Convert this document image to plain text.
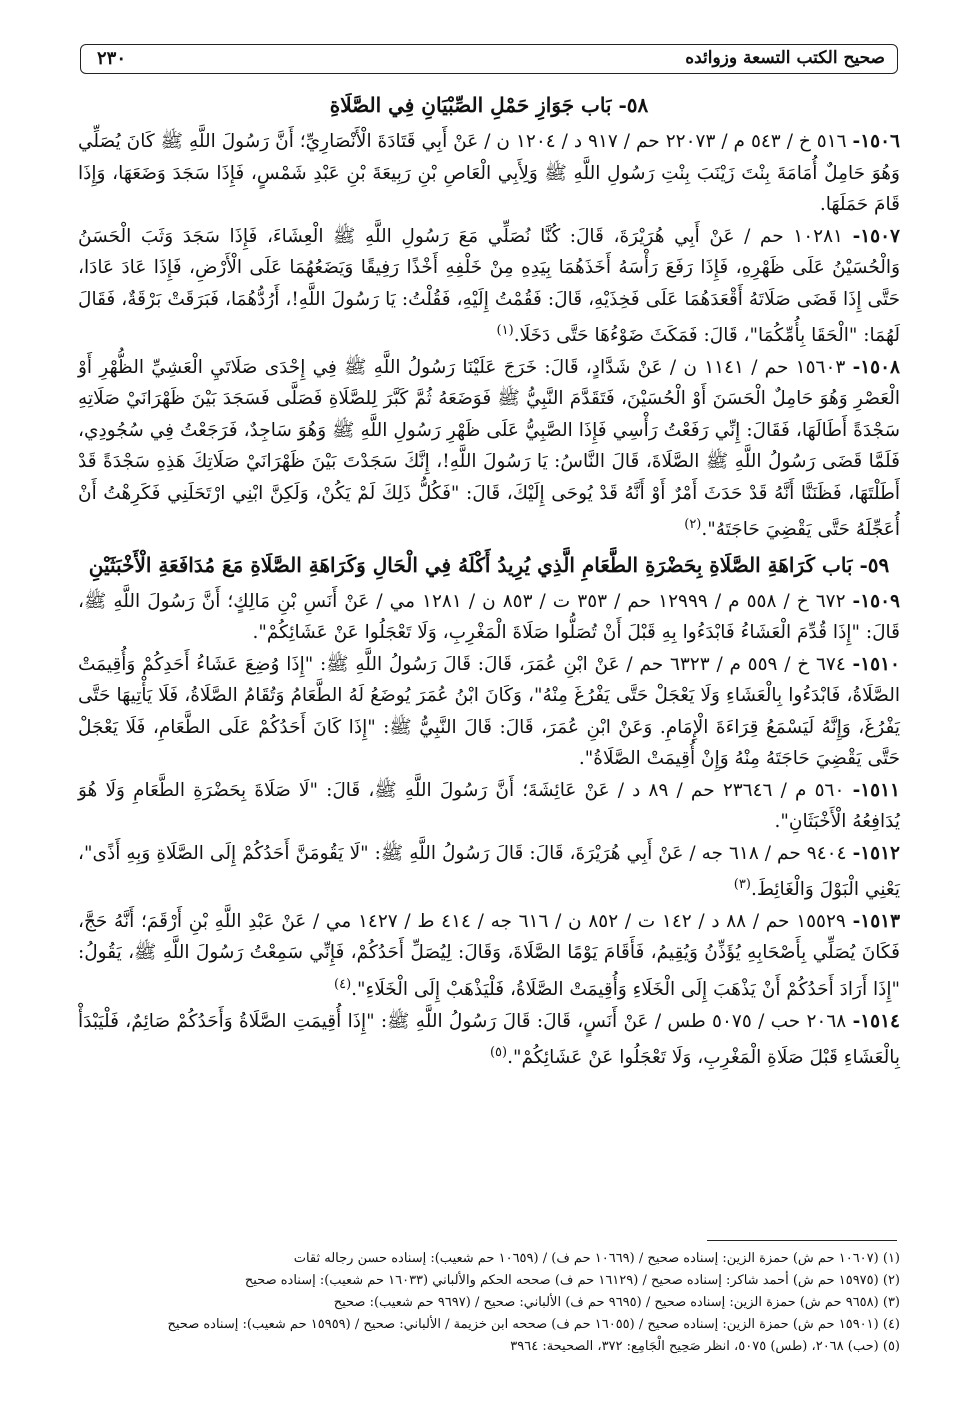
صحيح الكتب التسعة وزوائده
٢٣٠
٥٨- بَاب جَوَازِ حَمْلِ الصِّبْيَانِ فِي الصَّلَاةِ

١٥٠٦- ٥١٦ خ / ٥٤٣ م / ٢٢٠٧٣ حم / ٩١٧ د / ١٢٠٤ ن / عَنْ أَبِي قَتَادَةَ الْأَنْصَارِيِّ؛ أَنَّ رَسُولَ اللَّهِ ﷺ كَانَ يُصَلِّي وَهُوَ حَامِلٌ أُمَامَةَ بِنْتَ زَيْنَبَ بِنْتِ رَسُولِ اللَّهِ ﷺ وَلِأَبِي الْعَاصِ بْنِ رَبِيعَةَ بْنِ عَبْدِ شَمْسٍ، فَإِذَا سَجَدَ وَضَعَهَا، وَإِذَا قَامَ حَمَلَهَا.

١٥٠٧- ١٠٢٨١ حم / عَنْ أَبِي هُرَيْرَةَ، قَالَ: كُنَّا نُصَلِّي مَعَ رَسُولِ اللَّهِ ﷺ الْعِشَاءَ، فَإِذَا سَجَدَ وَثَبَ الْحَسَنُ وَالْحُسَيْنُ عَلَى ظَهْرِهِ، فَإِذَا رَفَعَ رَأْسَهُ أَخَذَهُمَا بِيَدِهِ مِنْ خَلْفِهِ أَخْذًا رَفِيقًا وَيَضَعُهُمَا عَلَى الْأَرْضِ، فَإِذَا عَادَ عَادَا، حَتَّى إِذَا قَضَى صَلَاتَهُ أَقْعَدَهُمَا عَلَى فَخِذَيْهِ، قَالَ: فَقُمْتُ إِلَيْهِ، فَقُلْتُ: يَا رَسُولَ اللَّهِ!، أَرُدُّهُمَا، فَبَرَقَتْ بَرْقَةٌ، فَقَالَ لَهُمَا: "الْحَقَا بِأُمِّكُمَا"، قَالَ: فَمَكَثَ ضَوْءُهَا حَتَّى دَخَلَا.$^{(١)}$

١٥٠٨- ١٥٦٠٣ حم / ١١٤١ ن / عَنْ شَدَّادٍ، قَالَ: خَرَجَ عَلَيْنَا رَسُولُ اللَّهِ ﷺ فِي إِحْدَى صَلَاتَيِ الْعَشِيِّ الظُّهْرِ أَوْ الْعَصْرِ وَهُوَ حَامِلٌ الْحَسَنَ أَوْ الْحُسَيْنَ، فَتَقَدَّمَ النَّبِيُّ ﷺ فَوَضَعَهُ ثُمَّ كَبَّرَ لِلصَّلَاةِ فَصَلَّى فَسَجَدَ بَيْنَ ظَهْرَانَيْ صَلَاتِهِ سَجْدَةً أَطَالَهَا، فَقَالَ: إِنِّي رَفَعْتُ رَأْسِي فَإِذَا الصَّبِيُّ عَلَى ظَهْرِ رَسُولِ اللَّهِ ﷺ وَهُوَ سَاجِدٌ، فَرَجَعْتُ فِي سُجُودِي، فَلَمَّا قَضَى رَسُولُ اللَّهِ ﷺ الصَّلَاةَ، قَالَ النَّاسُ: يَا رَسُولَ اللَّهِ!، إِنَّكَ سَجَدْتَ بَيْنَ ظَهْرَانَيْ صَلَاتِكَ هَذِهِ سَجْدَةً قَدْ أَطَلْتَهَا، فَظَنَنَّا أَنَّهُ قَدْ حَدَثَ أَمْرٌ أَوْ أَنَّهُ قَدْ يُوحَى إِلَيْكَ، قَالَ: "فَكُلُّ ذَلِكَ لَمْ يَكُنْ، وَلَكِنَّ ابْنِي ارْتَحَلَنِي فَكَرِهْتُ أَنْ أُعَجِّلَهُ حَتَّى يَقْضِيَ حَاجَتَهُ".$^{(٢)}$

٥٩- بَاب كَرَاهَةِ الصَّلَاةِ بِحَضْرَةِ الطَّعَامِ الَّذِي يُرِيدُ أَكْلَهُ فِي الْحَالِ وَكَرَاهَةِ الصَّلَاةِ مَعَ مُدَافَعَةِ الْأَخْبَثَيْنِ

١٥٠٩- ٦٧٢ خ / ٥٥٨ م / ١٢٩٩٩ حم / ٣٥٣ ت / ٨٥٣ ن / ١٢٨١ مي / عَنْ أَنَسِ بْنِ مَالِكٍ؛ أَنَّ رَسُولَ اللَّهِ ﷺ، قَالَ: "إِذَا قُدِّمَ الْعَشَاءُ فَابْدَءُوا بِهِ قَبْلَ أَنْ تُصَلُّوا صَلَاةَ الْمَغْرِبِ، وَلَا تَعْجَلُوا عَنْ عَشَائِكُمْ".

١٥١٠- ٦٧٤ خ / ٥٥٩ م / ٦٣٢٣ حم / عَنْ ابْنِ عُمَرَ، قَالَ: قَالَ رَسُولُ اللَّهِ ﷺ: "إِذَا وُضِعَ عَشَاءُ أَحَدِكُمْ وَأُقِيمَتْ الصَّلَاةُ، فَابْدَءُوا بِالْعَشَاءِ وَلَا يَعْجَلْ حَتَّى يَفْرُغَ مِنْهُ"، وَكَانَ ابْنُ عُمَرَ يُوضَعُ لَهُ الطَّعَامُ وَتُقَامُ الصَّلَاةُ، فَلَا يَأْتِيهَا حَتَّى يَفْرُغَ، وَإِنَّهُ لَيَسْمَعُ قِرَاءَةَ الْإِمَامِ. وَعَنْ ابْنِ عُمَرَ، قَالَ: قَالَ النَّبِيُّ ﷺ: "إِذَا كَانَ أَحَدُكُمْ عَلَى الطَّعَامِ، فَلَا يَعْجَلْ حَتَّى يَقْضِيَ حَاجَتَهُ مِنْهُ وَإِنْ أُقِيمَتْ الصَّلَاةُ".

١٥١١- ٥٦٠ م / ٢٣٦٤٦ حم / ٨٩ د / عَنْ عَائِشَةَ؛ أَنَّ رَسُولَ اللَّهِ ﷺ، قَالَ: "لَا صَلَاةَ بِحَضْرَةِ الطَّعَامِ وَلَا هُوَ يُدَافِعُهُ الْأَخْبَثَانِ".

١٥١٢- ٩٤٠٤ حم / ٦١٨ جه / عَنْ أَبِي هُرَيْرَةَ، قَالَ: قَالَ رَسُولُ اللَّهِ ﷺ: "لَا يَقُومَنَّ أَحَدُكُمْ إِلَى الصَّلَاةِ وَبِهِ أَذًى"، يَعْنِي الْبَوْلَ وَالْغَائِطَ.$^{(٣)}$

١٥١٣- ١٥٥٢٩ حم / ٨٨ د / ١٤٢ ت / ٨٥٢ ن / ٦١٦ جه / ٤١٤ ط / ١٤٢٧ مي / عَنْ عَبْدِ اللَّهِ بْنِ أَرْقَمَ؛ أَنَّهُ حَجَّ، فَكَانَ يُصَلِّي بِأَصْحَابِهِ يُؤَذِّنُ وَيُقِيمُ، فَأَقَامَ يَوْمًا الصَّلَاةَ، وَقَالَ: لِيُصَلِّ أَحَدُكُمْ، فَإِنِّي سَمِعْتُ رَسُولَ اللَّهِ ﷺ، يَقُولُ: "إِذَا أَرَادَ أَحَدُكُمْ أَنْ يَذْهَبَ إِلَى الْخَلَاءِ وَأُقِيمَتْ الصَّلَاةُ، فَلْيَذْهَبْ إِلَى الْخَلَاءِ".$^{(٤)}$

١٥١٤- ٢٠٦٨ حب / ٥٠٧٥ طس / عَنْ أَنَسٍ، قَالَ: قَالَ رَسُولُ اللَّهِ ﷺ: "إِذَا أُقِيمَتِ الصَّلَاةُ وَأَحَدُكُمْ صَائِمٌ، فَلْيَبْدَأْ بِالْعَشَاءِ قَبْلَ صَلَاةِ الْمَغْرِبِ، وَلَا تَعْجَلُوا عَنْ عَشَائِكُمْ".$^{(٥)}$

(١) (١٠٦٠٧ حم ش) حمزة الزين: إسناده صحيح / (١٠٦٦٩ حم ف) / (١٠٦٥٩ حم شعيب): إسناده حسن رجاله ثقات

(٢) (١٥٩٧٥ حم ش) أحمد شاكر: إسناده صحيح / (١٦١٢٩ حم ف) صححه الحكم والألباني (١٦٠٣٣ حم شعيب): إسناده صحيح

(٣) (٩٦٥٨ حم ش) حمزة الزين: إسناده صحيح / (٩٦٩٥ حم ف) الألباني: صحيح / (٩٦٩٧ حم شعيب): صحيح

(٤) (١٥٩٠١ حم ش) حمزة الزين: إسناده صحيح / (١٦٠٥٥ حم ف) صححه ابن خزيمة / الألباني: صحيح / (١٥٩٥٩ حم شعيب): إسناده صحيح

(٥) (حب) ٢٠٦٨، (طس) ٥٠٧٥، انظر صَحِيح الْجَامِع: ٣٧٢، الصحيحة: ٣٩٦٤
